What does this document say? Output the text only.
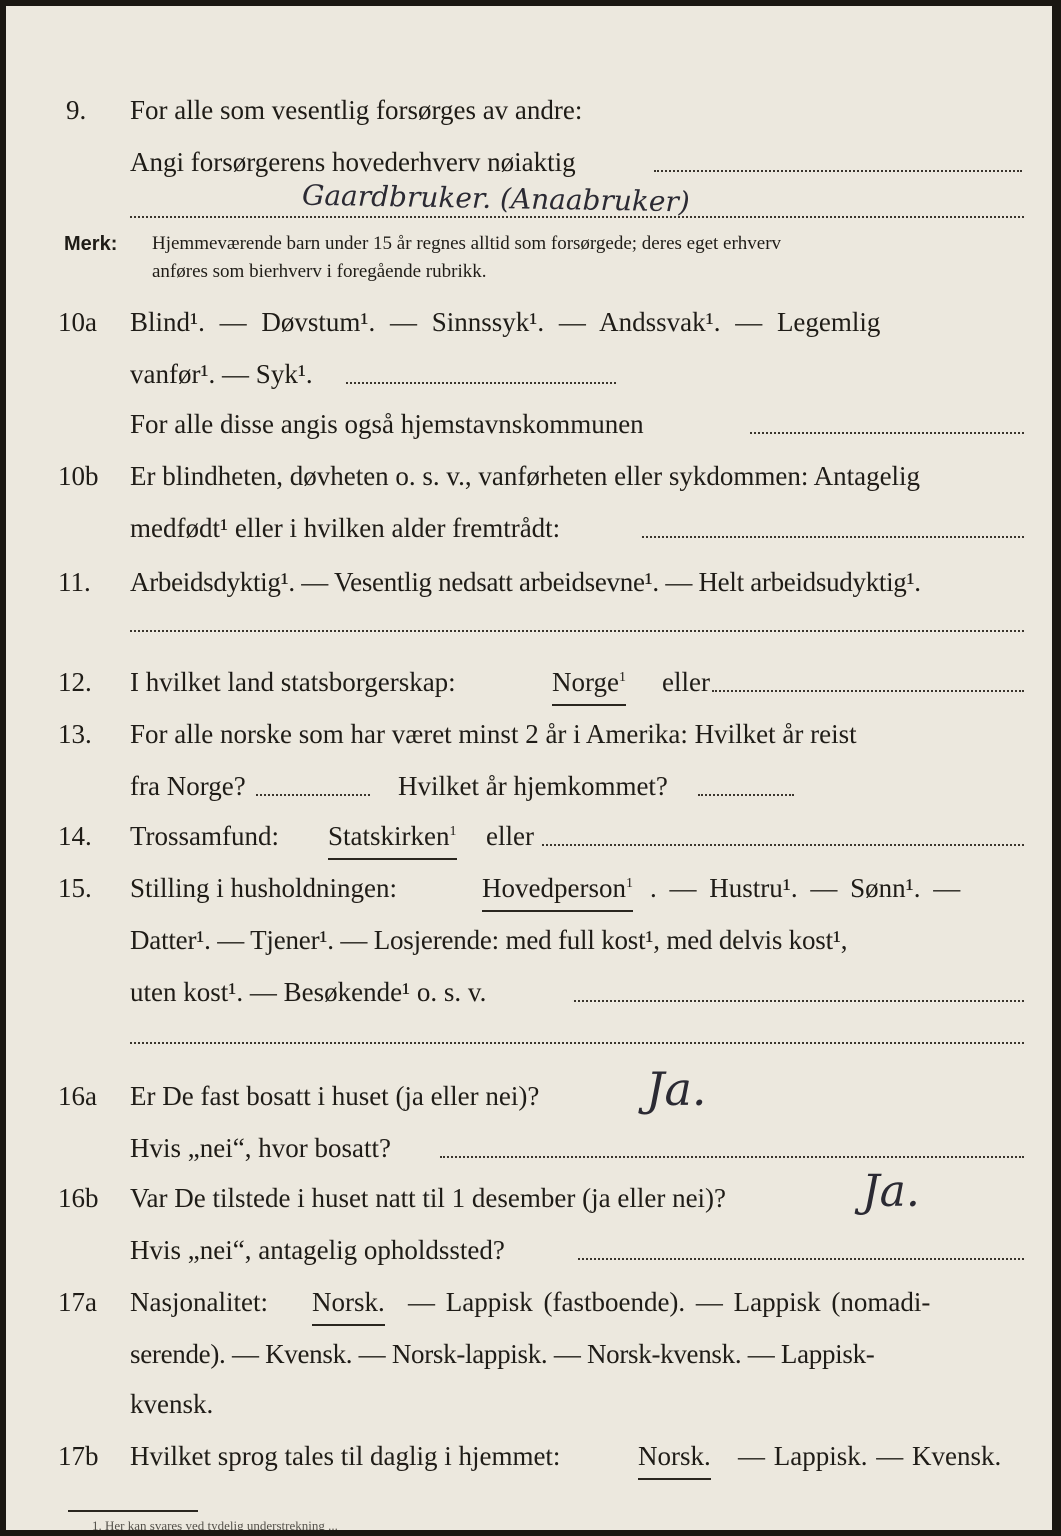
9.	For alle som vesentlig forsørges av andre:
Angi forsørgerens hovederhverv nøiaktig
Gaardbruker. (Anaabruker)
Merk: Hjemmeværende barn under 15 år regnes alltid som forsørgede; deres eget erhverv
anføres som bierhverv i foregående rubrikk.
10a	Blind¹. — Døvstum¹. — Sinnssyk¹. — Andssvak¹. — Legemlig
vanfør¹. — Syk¹.
For alle disse angis også hjemstavnskommunen
10b	Er blindheten, døvheten o. s. v., vanførheten eller sykdommen: Antagelig
medfødt¹ eller i hvilken alder fremtrådt:
11.	Arbeidsdyktig¹. — Vesentlig nedsatt arbeidsevne¹. — Helt arbeidsudyktig¹.
12.	I hvilket land statsborgerskap:	Norge$^1$ eller
13.	For alle norske som har været minst 2 år i Amerika: Hvilket år reist
fra Norge?	Hvilket år hjemkommet?
14.	Trossamfund: Statskirken$^1$ eller
15.	Stilling i husholdningen:	Hovedperson$^1$ . — Hustru¹. — Sønn¹. —
Datter¹. — Tjener¹. — Losjerende: med full kost¹, med delvis kost¹,
uten kost¹. — Besøkende¹ o. s. v.
16a	Er De fast bosatt i huset (ja eller nei)? Ja.
Hvis „nei“, hvor bosatt?
16b	Var De tilstede i huset natt til 1 desember (ja eller nei)?	Ja.
Hvis „nei“, antagelig opholdssted?
17a	Nasjonalitet: Norsk. — Lappisk (fastboende). — Lappisk (nomadi-
serende). — Kvensk. — Norsk-lappisk. — Norsk-kvensk. — Lappisk-
kvensk.
17b	Hvilket sprog tales til daglig i hjemmet:	Norsk. — Lappisk. — Kvensk.
1. Her kan svares ved tydelig understrekning ...
